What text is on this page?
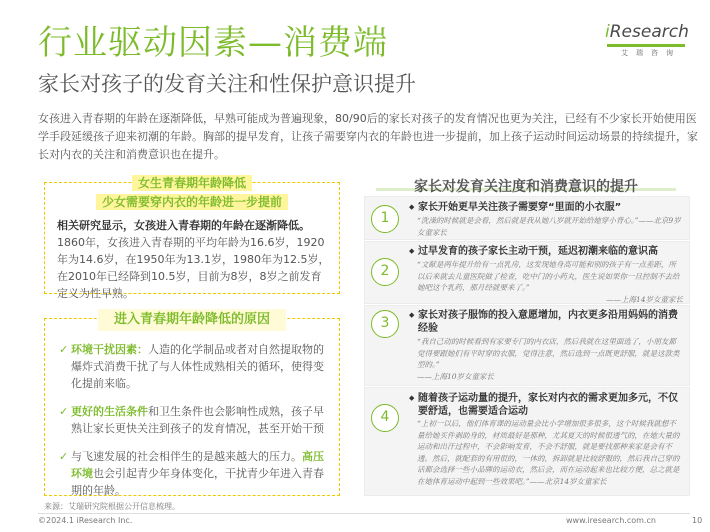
行业驱动因素—消费端
家长对孩子的发育关注和性保护意识提升
iResearch
艾瑞咨询
女孩进入青春期的年龄在逐渐降低，早熟可能成为普遍现象，80/90后的家长对孩子的发育情况也更为关注，已经有不少家长开始使用医学手段延缓孩子迎来初潮的年龄。胸部的提早发育，让孩子需要穿内衣的年龄也进一步提前，加上孩子运动时间运动场景的持续提升，家长对内衣的关注和消费意识也在提升。
女生青春期年龄降低
少女需要穿内衣的年龄进一步提前
相关研究显示，女孩进入青春期的年龄在逐渐降低。1860年，女孩进入青春期的平均年龄为16.6岁，1920年为14.6岁，在1950年为13.1岁，1980年为12.5岁，在2010年已经降到10.5岁，目前为8岁，8岁之前发育定义为性早熟。
进入青春期年龄降低的原因
✓ 环境干扰因素：人造的化学制品或者对自然提取物的爆炸式消费干扰了与人体性成熟相关的循环，使得变化提前来临。
✓ 更好的生活条件和卫生条件也会影响性成熟，孩子早熟让家长更快关注到孩子的发育情况，甚至开始干预
✓ 与飞速发展的社会相伴生的是越来越大的压力。高压环境也会引起青少年身体变化，干扰青少年进入青春期的年龄。
家长对发育关注度和消费意识的提升
1
◆ 家长开始更早关注孩子需要穿“里面的小衣服”
“洗澡的时候就是会看，然后就是我从她八岁就开始给她穿小背心。”——北京9岁女童家长
2
◆ 过早发育的孩子家长主动干预，延迟初潮来临的意识高
“文献是两年提升给有一点乳房，这发现她身高可能和别的孩子有一点差距，所以后来就去儿童医院做了检查，吃中门的小药丸，医生说如果你一旦控制不去给她吧这个乳药，那月经就要来了。”
——上海14岁女童家长
3
◆	家长对孩子服饰的投入意愿增加，内衣更多沿用妈妈的消费经验
“我自己动的时候看到有家要专门的内衣店，然后我就在这里面选了，小朋友都觉得要跟她们有平时穿的衣服，觉得注意，然后选到一点既更舒服，就是这款类型的。”
——上海10岁女童家长
4
◆ 随着孩子运动量的提升，家长对内衣的需求更加多元，不仅要舒适，也需要适合运动
“上初一以后，他们体育课的运动量会比小学增加很多很多，这个时候我就想不量给她买件剥助身的，材质最好是那种，尤其夏天的时候很透气的，在她大量的运动和出汗过程中，不会影响发育，不会不舒服，就是要找那种来家是会有不透。然后，就配套的有用很的，一体的，拆卸就是比较舒服的，然后我自己穿的话都会选择一些小品牌的运动衣，然后会，而在运动起来也比较方便，总之就是在她体育运动中起到一些效果吧。”——北京14岁女童家长
来源：艾瑞研究院根据公开信息梳理。
©2024.1 iResearch Inc.	www.iresearch.com.cn	10
